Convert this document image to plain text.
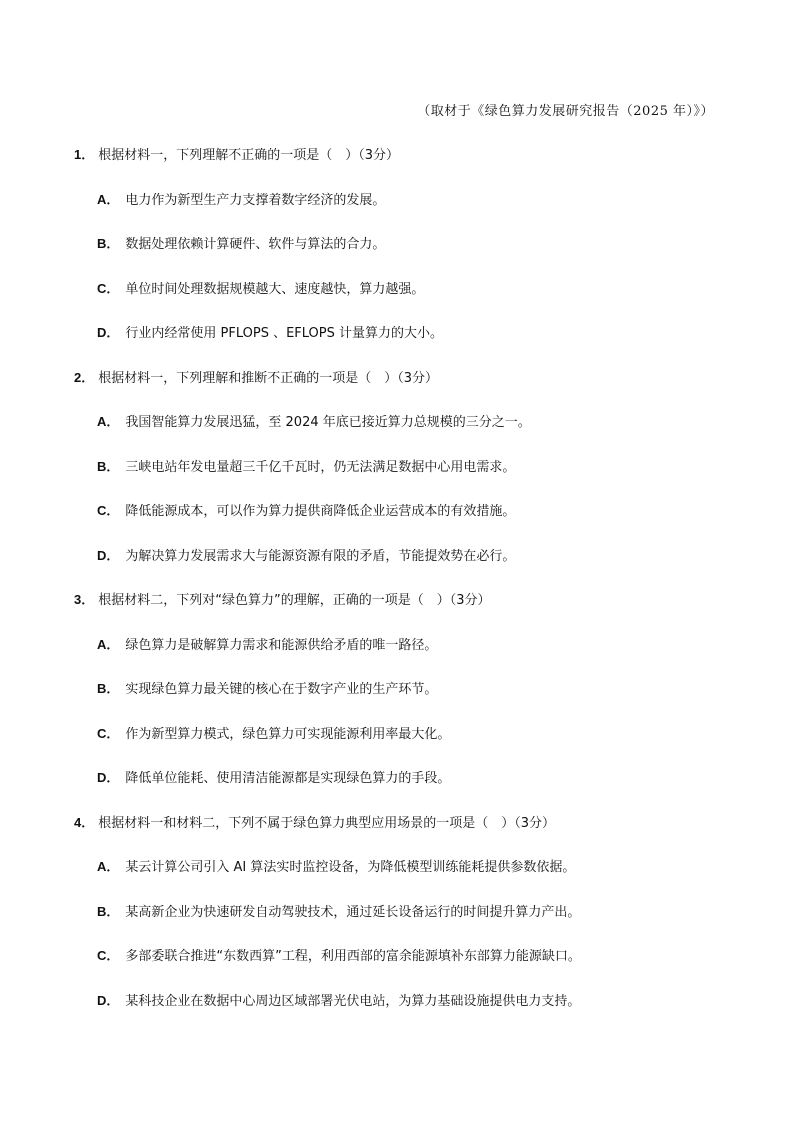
（取材于《绿色算力发展研究报告（2025 年）》）
1． 根据材料一，下列理解不正确的一项是（　）（3分）
A． 电力作为新型生产力支撑着数字经济的发展。
B． 数据处理依赖计算硬件、软件与算法的合力。
C． 单位时间处理数据规模越大、速度越快，算力越强。
D． 行业内经常使用 PFLOPS 、EFLOPS 计量算力的大小。
2． 根据材料一，下列理解和推断不正确的一项是（　）（3分）
A． 我国智能算力发展迅猛，至 2024 年底已接近算力总规模的三分之一。
B． 三峡电站年发电量超三千亿千瓦时，仍无法满足数据中心用电需求。
C． 降低能源成本，可以作为算力提供商降低企业运营成本的有效措施。
D． 为解决算力发展需求大与能源资源有限的矛盾，节能提效势在必行。
3． 根据材料二，下列对“绿色算力”的理解，正确的一项是（　）（3分）
A． 绿色算力是破解算力需求和能源供给矛盾的唯一路径。
B． 实现绿色算力最关键的核心在于数字产业的生产环节。
C． 作为新型算力模式，绿色算力可实现能源利用率最大化。
D． 降低单位能耗、使用清洁能源都是实现绿色算力的手段。
4． 根据材料一和材料二，下列不属于绿色算力典型应用场景的一项是（　）（3分）
A． 某云计算公司引入 AI 算法实时监控设备，为降低模型训练能耗提供参数依据。
B． 某高新企业为快速研发自动驾驶技术，通过延长设备运行的时间提升算力产出。
C． 多部委联合推进“东数西算”工程，利用西部的富余能源填补东部算力能源缺口。
D． 某科技企业在数据中心周边区域部署光伏电站，为算力基础设施提供电力支持。
